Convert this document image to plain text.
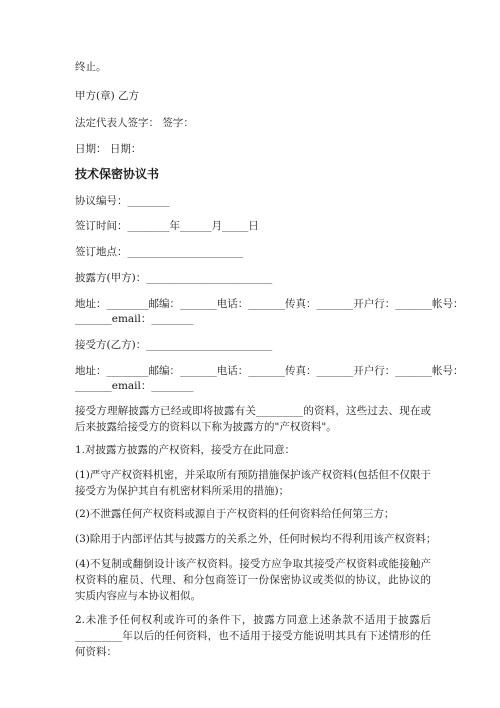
终止。
甲方(章) 乙方
法定代表人签字： 签字：
日期： 日期：
技术保密协议书
协议编号：________
签订时间：________年______月_____日
签订地点：______________________
披露方(甲方)：________________________
地址：________邮编：_______电话：_______传真：_______开户行：_______帐号：
_______email：________
接受方(乙方)：________________________
地址：________邮编：_______电话：_______传真：_______开户行：_______帐号：
_______email：________
接受方理解披露方已经或即将披露有关_________的资料，这些过去、现在或后来披露给接受方的资料以下称为披露方的"产权资料"。
1.对披露方披露的产权资料，接受方在此同意：
(1)严守产权资料机密，并采取所有预防措施保护该产权资料(包括但不仅限于接受方为保护其自有机密材料所采用的措施)；
(2)不泄露任何产权资料或源自于产权资料的任何资料给任何第三方；
(3)除用于内部评估其与披露方的关系之外，任何时候均不得利用该产权资料；
(4)不复制或翻倒设计该产权资料。接受方应争取其接受产权资料或能接触产权资料的雇员、代理、和分包商签订一份保密协议或类似的协议，此协议的实质内容应与本协议相似。
2.未准予任何权利或许可的条件下，披露方同意上述条款不适用于披露后_________年以后的任何资料，也不适用于接受方能说明其具有下述情形的任何资料：
